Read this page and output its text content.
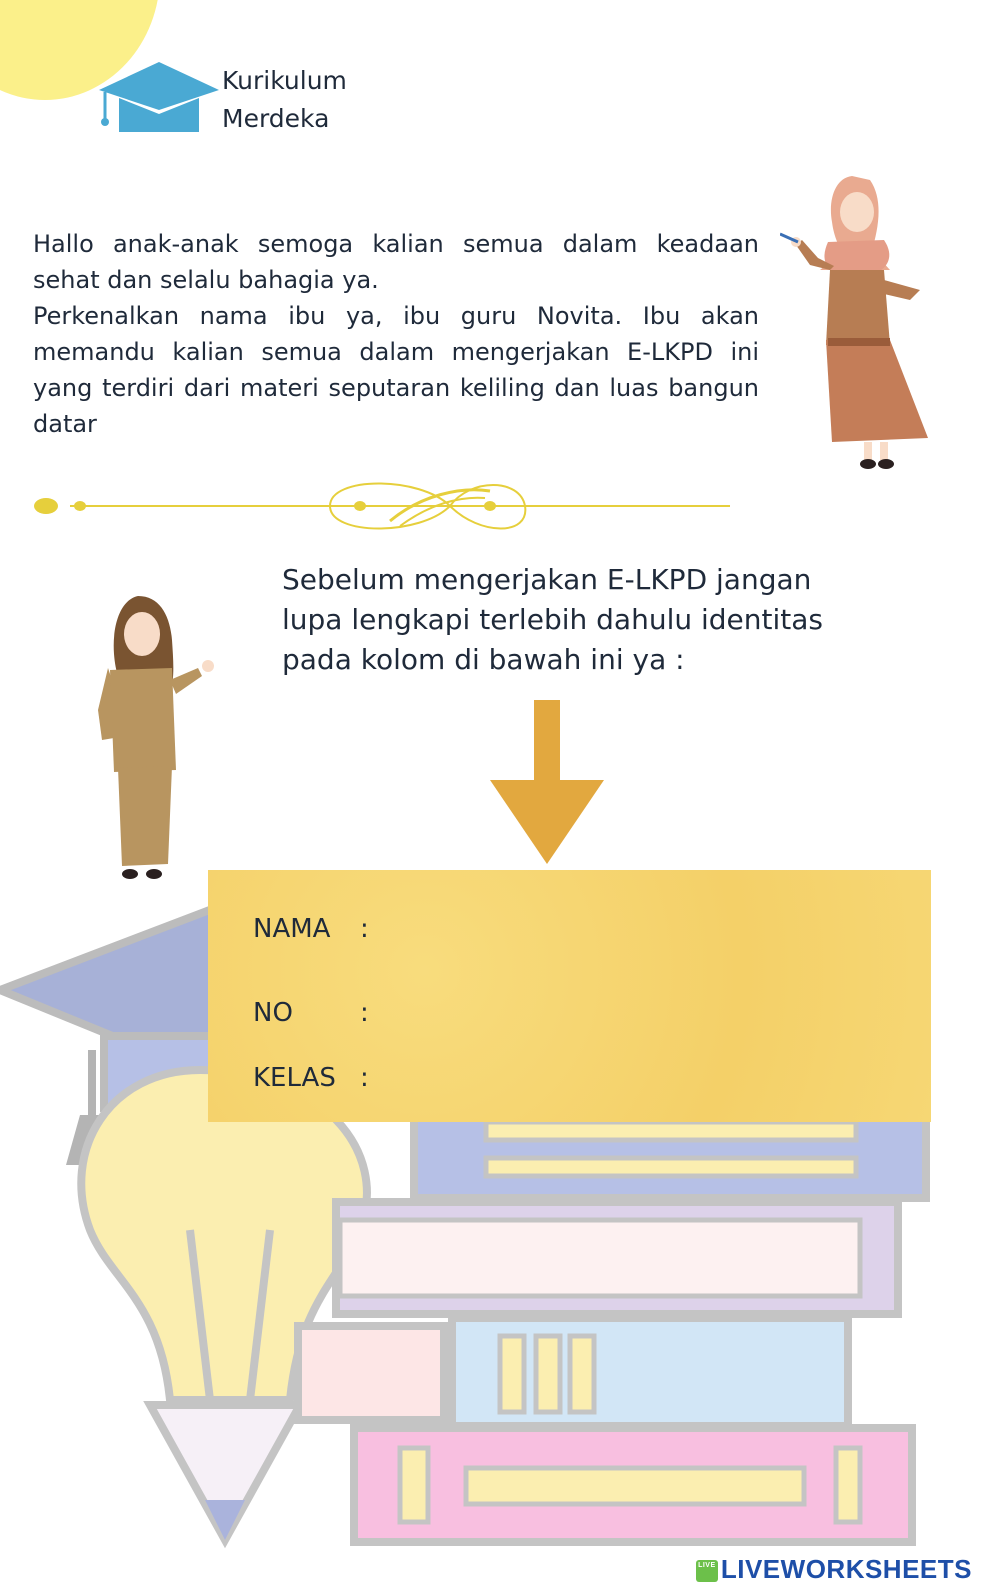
Kurikulum
Merdeka

Hallo anak-anak semoga kalian semua dalam keadaan sehat dan selalu bahagia ya.

Perkenalkan nama ibu ya, ibu guru Novita. Ibu akan memandu kalian semua dalam mengerjakan E-LKPD ini yang terdiri dari materi seputaran keliling dan luas bangun datar

Sebelum mengerjakan E-LKPD jangan lupa lengkapi terlebih dahulu identitas pada kolom di bawah ini ya :
NAMA :
NO	:
KELAS :
LIVE LIVEWORKSHEETS
